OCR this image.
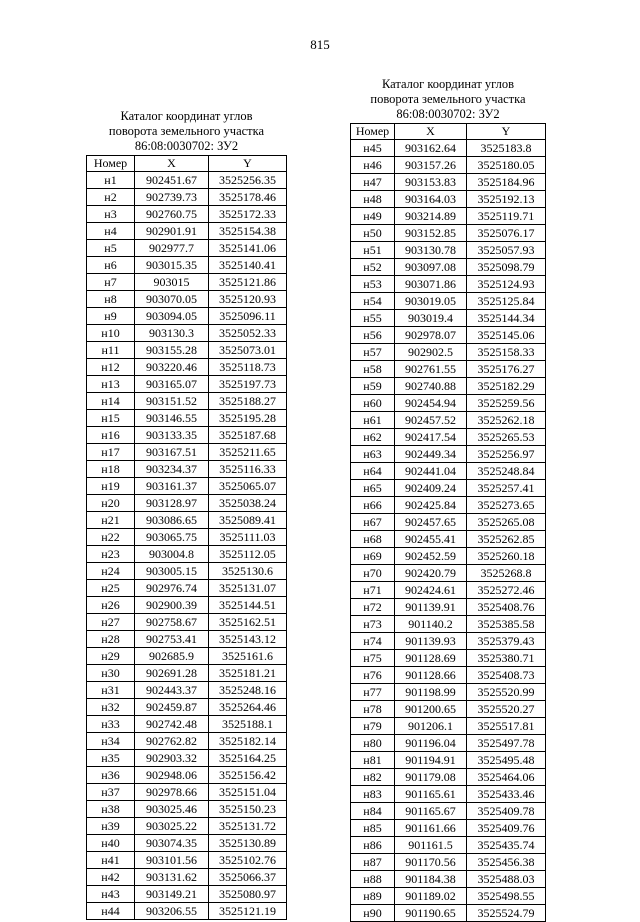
815
Каталог координат углов
поворота земельного участка
86:08:0030702: ЗУ2
Номер	X	Y
н1	902451.67	3525256.35
н2	902739.73	3525178.46
н3	902760.75	3525172.33
н4	902901.91	3525154.38
н5	902977.7	3525141.06
н6	903015.35	3525140.41
н7	903015	3525121.86
н8	903070.05	3525120.93
н9	903094.05	3525096.11
н10	903130.3	3525052.33
н11	903155.28	3525073.01
н12	903220.46	3525118.73
н13	903165.07	3525197.73
н14	903151.52	3525188.27
н15	903146.55	3525195.28
н16	903133.35	3525187.68
н17	903167.51	3525211.65
н18	903234.37	3525116.33
н19	903161.37	3525065.07
н20	903128.97	3525038.24
н21	903086.65	3525089.41
н22	903065.75	3525111.03
н23	903004.8	3525112.05
н24	903005.15	3525130.6
н25	902976.74	3525131.07
н26	902900.39	3525144.51
н27	902758.67	3525162.51
н28	902753.41	3525143.12
н29	902685.9	3525161.6
н30	902691.28	3525181.21
н31	902443.37	3525248.16
н32	902459.87	3525264.46
н33	902742.48	3525188.1
н34	902762.82	3525182.14
н35	902903.32	3525164.25
н36	902948.06	3525156.42
н37	902978.66	3525151.04
н38	903025.46	3525150.23
н39	903025.22	3525131.72
н40	903074.35	3525130.89
н41	903101.56	3525102.76
н42	903131.62	3525066.37
н43	903149.21	3525080.97
н44	903206.55	3525121.19
Каталог координат углов
поворота земельного участка
86:08:0030702: ЗУ2
Номер	X	Y
н45	903162.64	3525183.8
н46	903157.26	3525180.05
н47	903153.83	3525184.96
н48	903164.03	3525192.13
н49	903214.89	3525119.71
н50	903152.85	3525076.17
н51	903130.78	3525057.93
н52	903097.08	3525098.79
н53	903071.86	3525124.93
н54	903019.05	3525125.84
н55	903019.4	3525144.34
н56	902978.07	3525145.06
н57	902902.5	3525158.33
н58	902761.55	3525176.27
н59	902740.88	3525182.29
н60	902454.94	3525259.56
н61	902457.52	3525262.18
н62	902417.54	3525265.53
н63	902449.34	3525256.97
н64	902441.04	3525248.84
н65	902409.24	3525257.41
н66	902425.84	3525273.65
н67	902457.65	3525265.08
н68	902455.41	3525262.85
н69	902452.59	3525260.18
н70	902420.79	3525268.8
н71	902424.61	3525272.46
н72	901139.91	3525408.76
н73	901140.2	3525385.58
н74	901139.93	3525379.43
н75	901128.69	3525380.71
н76	901128.66	3525408.73
н77	901198.99	3525520.99
н78	901200.65	3525520.27
н79	901206.1	3525517.81
н80	901196.04	3525497.78
н81	901194.91	3525495.48
н82	901179.08	3525464.06
н83	901165.61	3525433.46
н84	901165.67	3525409.78
н85	901161.66	3525409.76
н86	901161.5	3525435.74
н87	901170.56	3525456.38
н88	901184.38	3525488.03
н89	901189.02	3525498.55
н90	901190.65	3525524.79
